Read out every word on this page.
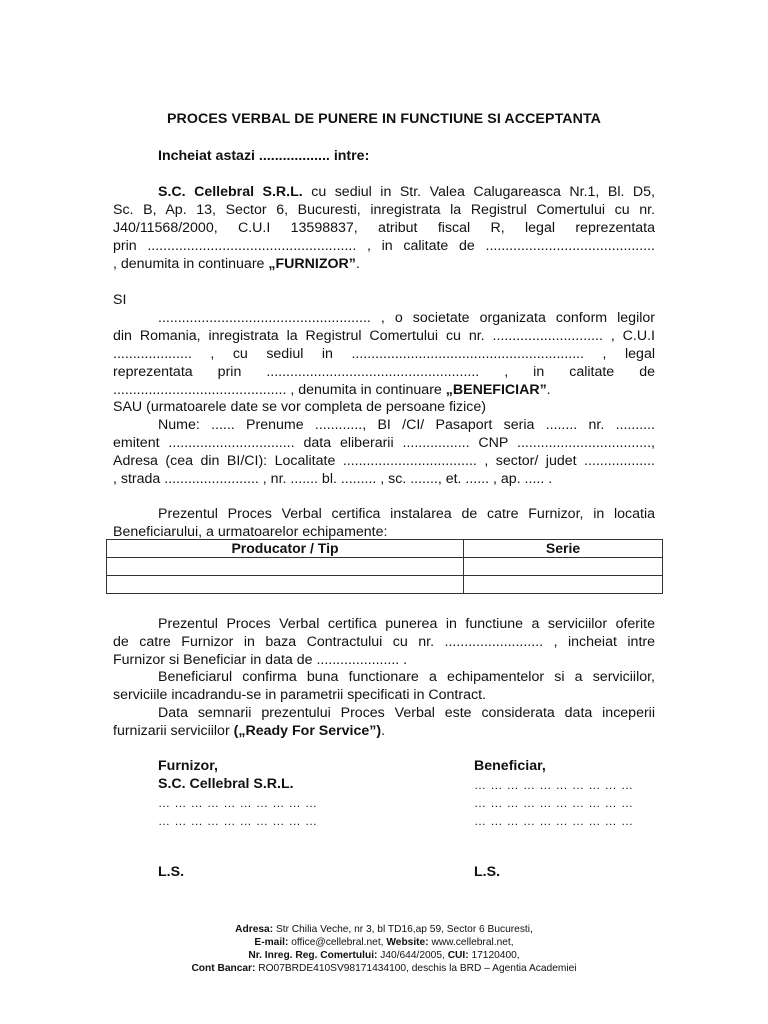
PROCES VERBAL DE PUNERE IN FUNCTIUNE SI ACCEPTANTA
Incheiat astazi .................. intre:
S.C. Cellebral S.R.L. cu sediul in Str. Valea Calugareasca Nr.1, Bl. D5,
Sc. B, Ap. 13, Sector 6, Bucuresti, inregistrata la Registrul Comertului cu nr.
J40/11568/2000, C.U.I 13598837, atribut fiscal R, legal reprezentata
prin ..................................................... , in calitate de ...........................................
, denumita in continuare „FURNIZOR”.
SI
...................................................... , o societate organizata conform legilor
din Romania, inregistrata la Registrul Comertului cu nr. ............................ , C.U.I
.................... , cu sediul in ........................................................... , legal
reprezentata prin ...................................................... , in calitate de
............................................ , denumita in continuare „BENEFICIAR”.
SAU (urmatoarele date se vor completa de persoane fizice)
Nume: ...... Prenume ............, BI /CI/ Pasaport seria ........ nr. ..........
emitent ................................ data eliberarii ................. CNP ..................................,
Adresa (cea din BI/CI): Localitate .................................. , sector/ judet ..................
, strada ........................ , nr. ....... bl. ......... , sc. ......., et. ...... , ap. ..... .
Prezentul Proces Verbal certifica instalarea de catre Furnizor, in locatia
Beneficiarului, a urmatoarelor echipamente:
Producator / Tip	Serie

Prezentul Proces Verbal certifica punerea in functiune a serviciilor oferite
de catre Furnizor in baza Contractului cu nr. ......................... , incheiat intre
Furnizor si Beneficiar in data de ..................... .
Beneficiarul confirma buna functionare a echipamentelor si a serviciilor,
serviciile incadrandu-se in parametrii specificati in Contract.
Data semnarii prezentului Proces Verbal este considerata data inceperii
furnizarii serviciilor („Ready For Service”).
Furnizor,
S.C. Cellebral S.R.L.
… … … … … … … … … …
… … … … … … … … … …
Beneficiar,
… … … … … … … … … …
… … … … … … … … … …
… … … … … … … … … …
L.S.	L.S.
Adresa: Str Chilia Veche, nr 3, bl TD16,ap 59, Sector 6 Bucuresti,
E-mail: office@cellebral.net, Website: www.cellebral.net,
Nr. Inreg. Reg. Comertului: J40/644/2005, CUI: 17120400,
Cont Bancar: RO07BRDE410SV98171434100, deschis la BRD – Agentia Academiei
